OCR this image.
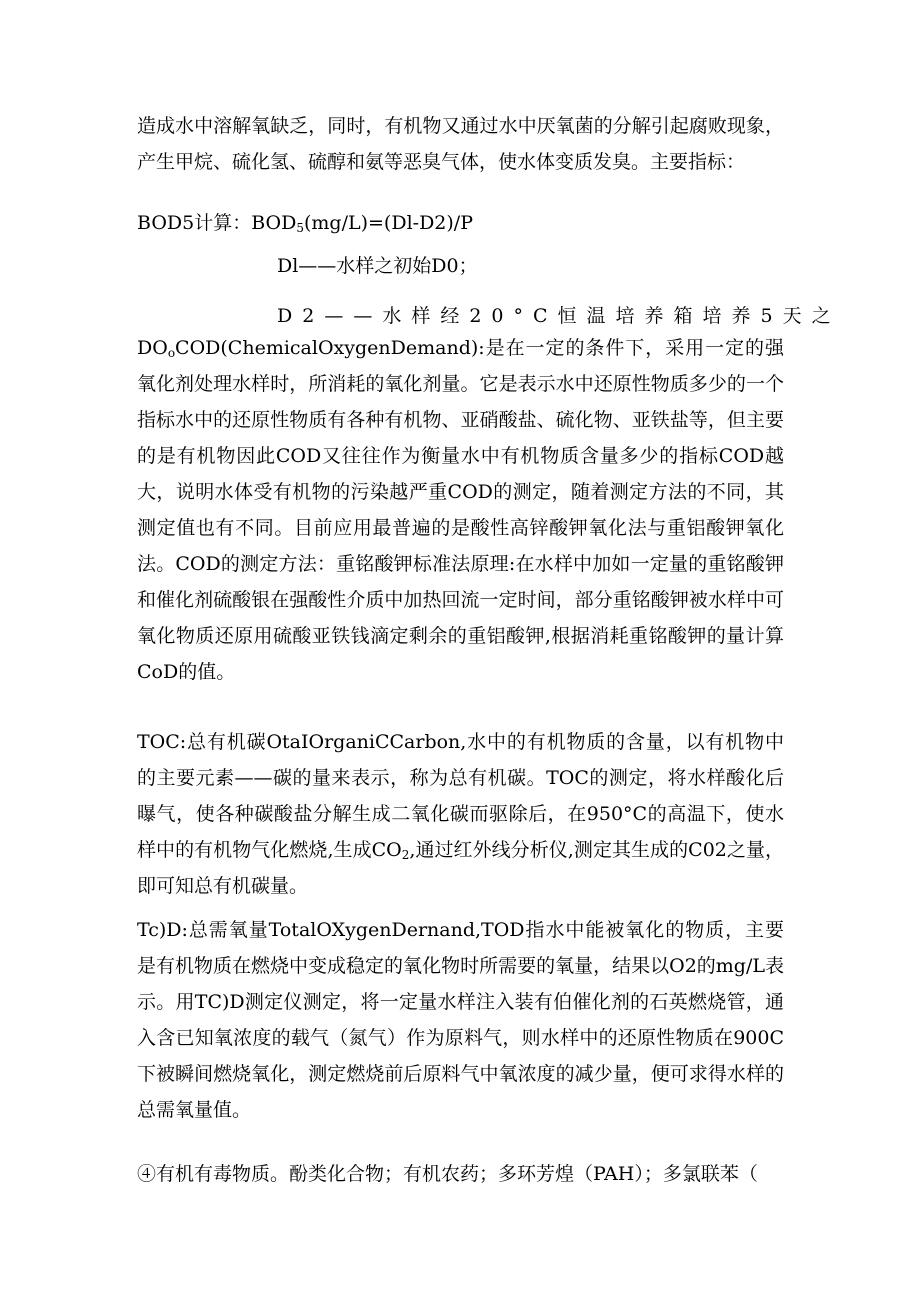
造成水中溶解氧缺乏，同时，有机物又通过水中厌氧菌的分解引起腐败现象，产生甲烷、硫化氢、硫醇和氨等恶臭气体，使水体变质发臭。主要指标：

BOD5计算：$BOD_5(mg/L)=(Dl-D2)/P$

Dl——水样之初始D0；

D2——水样经20°C恒温培养箱培养5天之

$DO_oCOD(ChemicalOxygenDemand)$:是在一定的条件下，采用一定的强氧化剂处理水样时，所消耗的氧化剂量。它是表示水中还原性物质多少的一个指标水中的还原性物质有各种有机物、亚硝酸盐、硫化物、亚铁盐等，但主要的是有机物因此COD又往往作为衡量水中有机物质含量多少的指标COD越大，说明水体受有机物的污染越严重COD的测定，随着测定方法的不同，其测定值也有不同。目前应用最普遍的是酸性高锌酸钾氧化法与重铝酸钾氧化法。COD的测定方法：重铭酸钾标准法原理:在水样中加如一定量的重铭酸钾和催化剂硫酸银在强酸性介质中加热回流一定时间，部分重铭酸钾被水样中可氧化物质还原用硫酸亚铁钱滴定剩余的重铝酸钾,根据消耗重铭酸钾的量计算CoD的值。

TOC:总有机碳OtaIOrganiCCarbon,水中的有机物质的含量，以有机物中的主要元素——碳的量来表示，称为总有机碳。TOC的测定，将水样酸化后曝气，使各种碳酸盐分解生成二氧化碳而驱除后，在950°C的高温下，使水样中的有机物气化燃烧,生成$CO_2$,通过红外线分析仪,测定其生成的C02之量，即可知总有机碳量。

Tc)D:总需氧量TotalOXygenDernand,TOD指水中能被氧化的物质，主要是有机物质在燃烧中变成稳定的氧化物时所需要的氧量，结果以O2的mg/L表示。用TC)D测定仪测定，将一定量水样注入装有伯催化剂的石英燃烧管，通入含已知氧浓度的载气（氮气）作为原料气，则水样中的还原性物质在900C下被瞬间燃烧氧化，测定燃烧前后原料气中氧浓度的减少量，便可求得水样的总需氧量值。

④有机有毒物质。酚类化合物；有机农药；多环芳煌（PAH）；多氯联苯（
